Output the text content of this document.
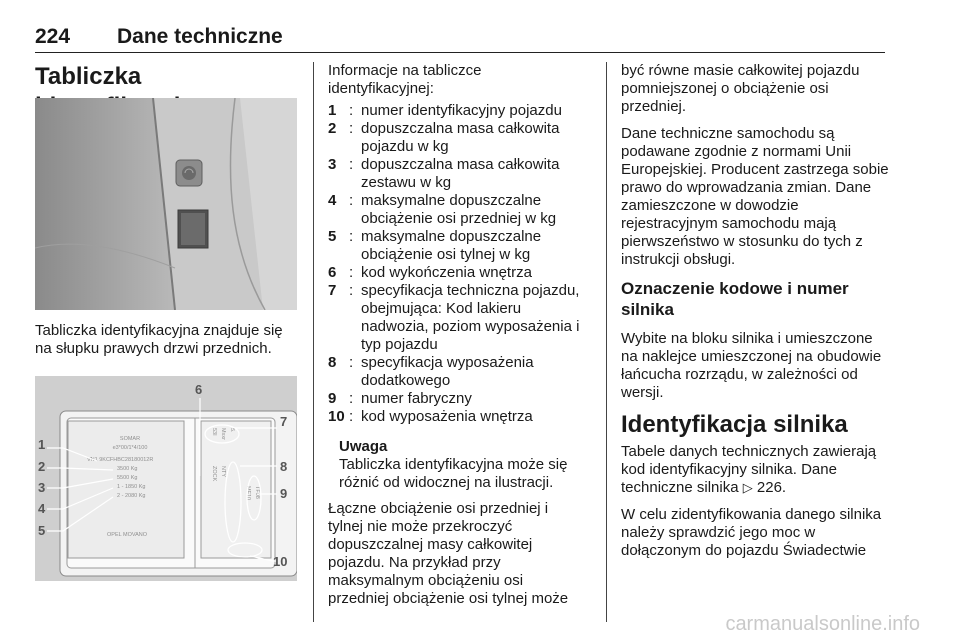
224 Dane techniczne
Tabliczka
Tabliczka identyfikacyjna znajduje się na słupku prawych drzwi przednich.
SOMAR
e3*00/1*4/100
VN1 9KCFHBC28180012R
3500 Kg
5500 Kg
1 - 1850 Kg
2 - 2080 Kg
OPEL MOVANO
53I Mxxr 5.
ZOCK NTY
MF10 TF08
1
2
3
4
5
6
7
8
9
10

Informacje na tabliczce identyfikacyjnej:

1 : numer identyfikacyjny pojazdu
2 : dopuszczalna masa całkowita pojazdu w kg
3 : dopuszczalna masa całkowita zestawu w kg
4 : maksymalne dopuszczalne obciążenie osi przedniej w kg
5 : maksymalne dopuszczalne obciążenie osi tylnej w kg
6 : kod wykończenia wnętrza
7 : specyfikacja techniczna pojazdu, obejmująca: Kod lakieru nadwozia, poziom wyposażenia i typ pojazdu
8 : specyfikacja wyposażenia dodatkowego
9 : numer fabryczny
10 : kod wyposażenia wnętrza
Uwaga
Tabliczka identyfikacyjna może się różnić od widocznej na ilustracji.

Łączne obciążenie osi przedniej i tylnej nie może przekroczyć dopuszczalnej masy całkowitej pojazdu. Na przykład przy maksymalnym obciążeniu osi przedniej obciążenie osi tylnej może

być równe masie całkowitej pojazdu pomniejszonej o obciążenie osi przedniej.

Dane techniczne samochodu są podawane zgodnie z normami Unii Europejskiej. Producent zastrzega sobie prawo do wprowadzania zmian. Dane zamieszczone w dowodzie rejestracyjnym samochodu mają pierwszeństwo w stosunku do tych z instrukcji obsługi.

Oznaczenie kodowe i numer silnika

Wybite na bloku silnika i umieszczone na naklejce umieszczonej na obudowie łańcucha rozrządu, w zależności od wersji.

Identyfikacja silnika

Tabele danych technicznych zawierają kod identyfikacyjny silnika. Dane techniczne silnika ▷ 226.

W celu zidentyfikowania danego silnika należy sprawdzić jego moc w dołączonym do pojazdu Świadectwie

carmanualsonline.info
